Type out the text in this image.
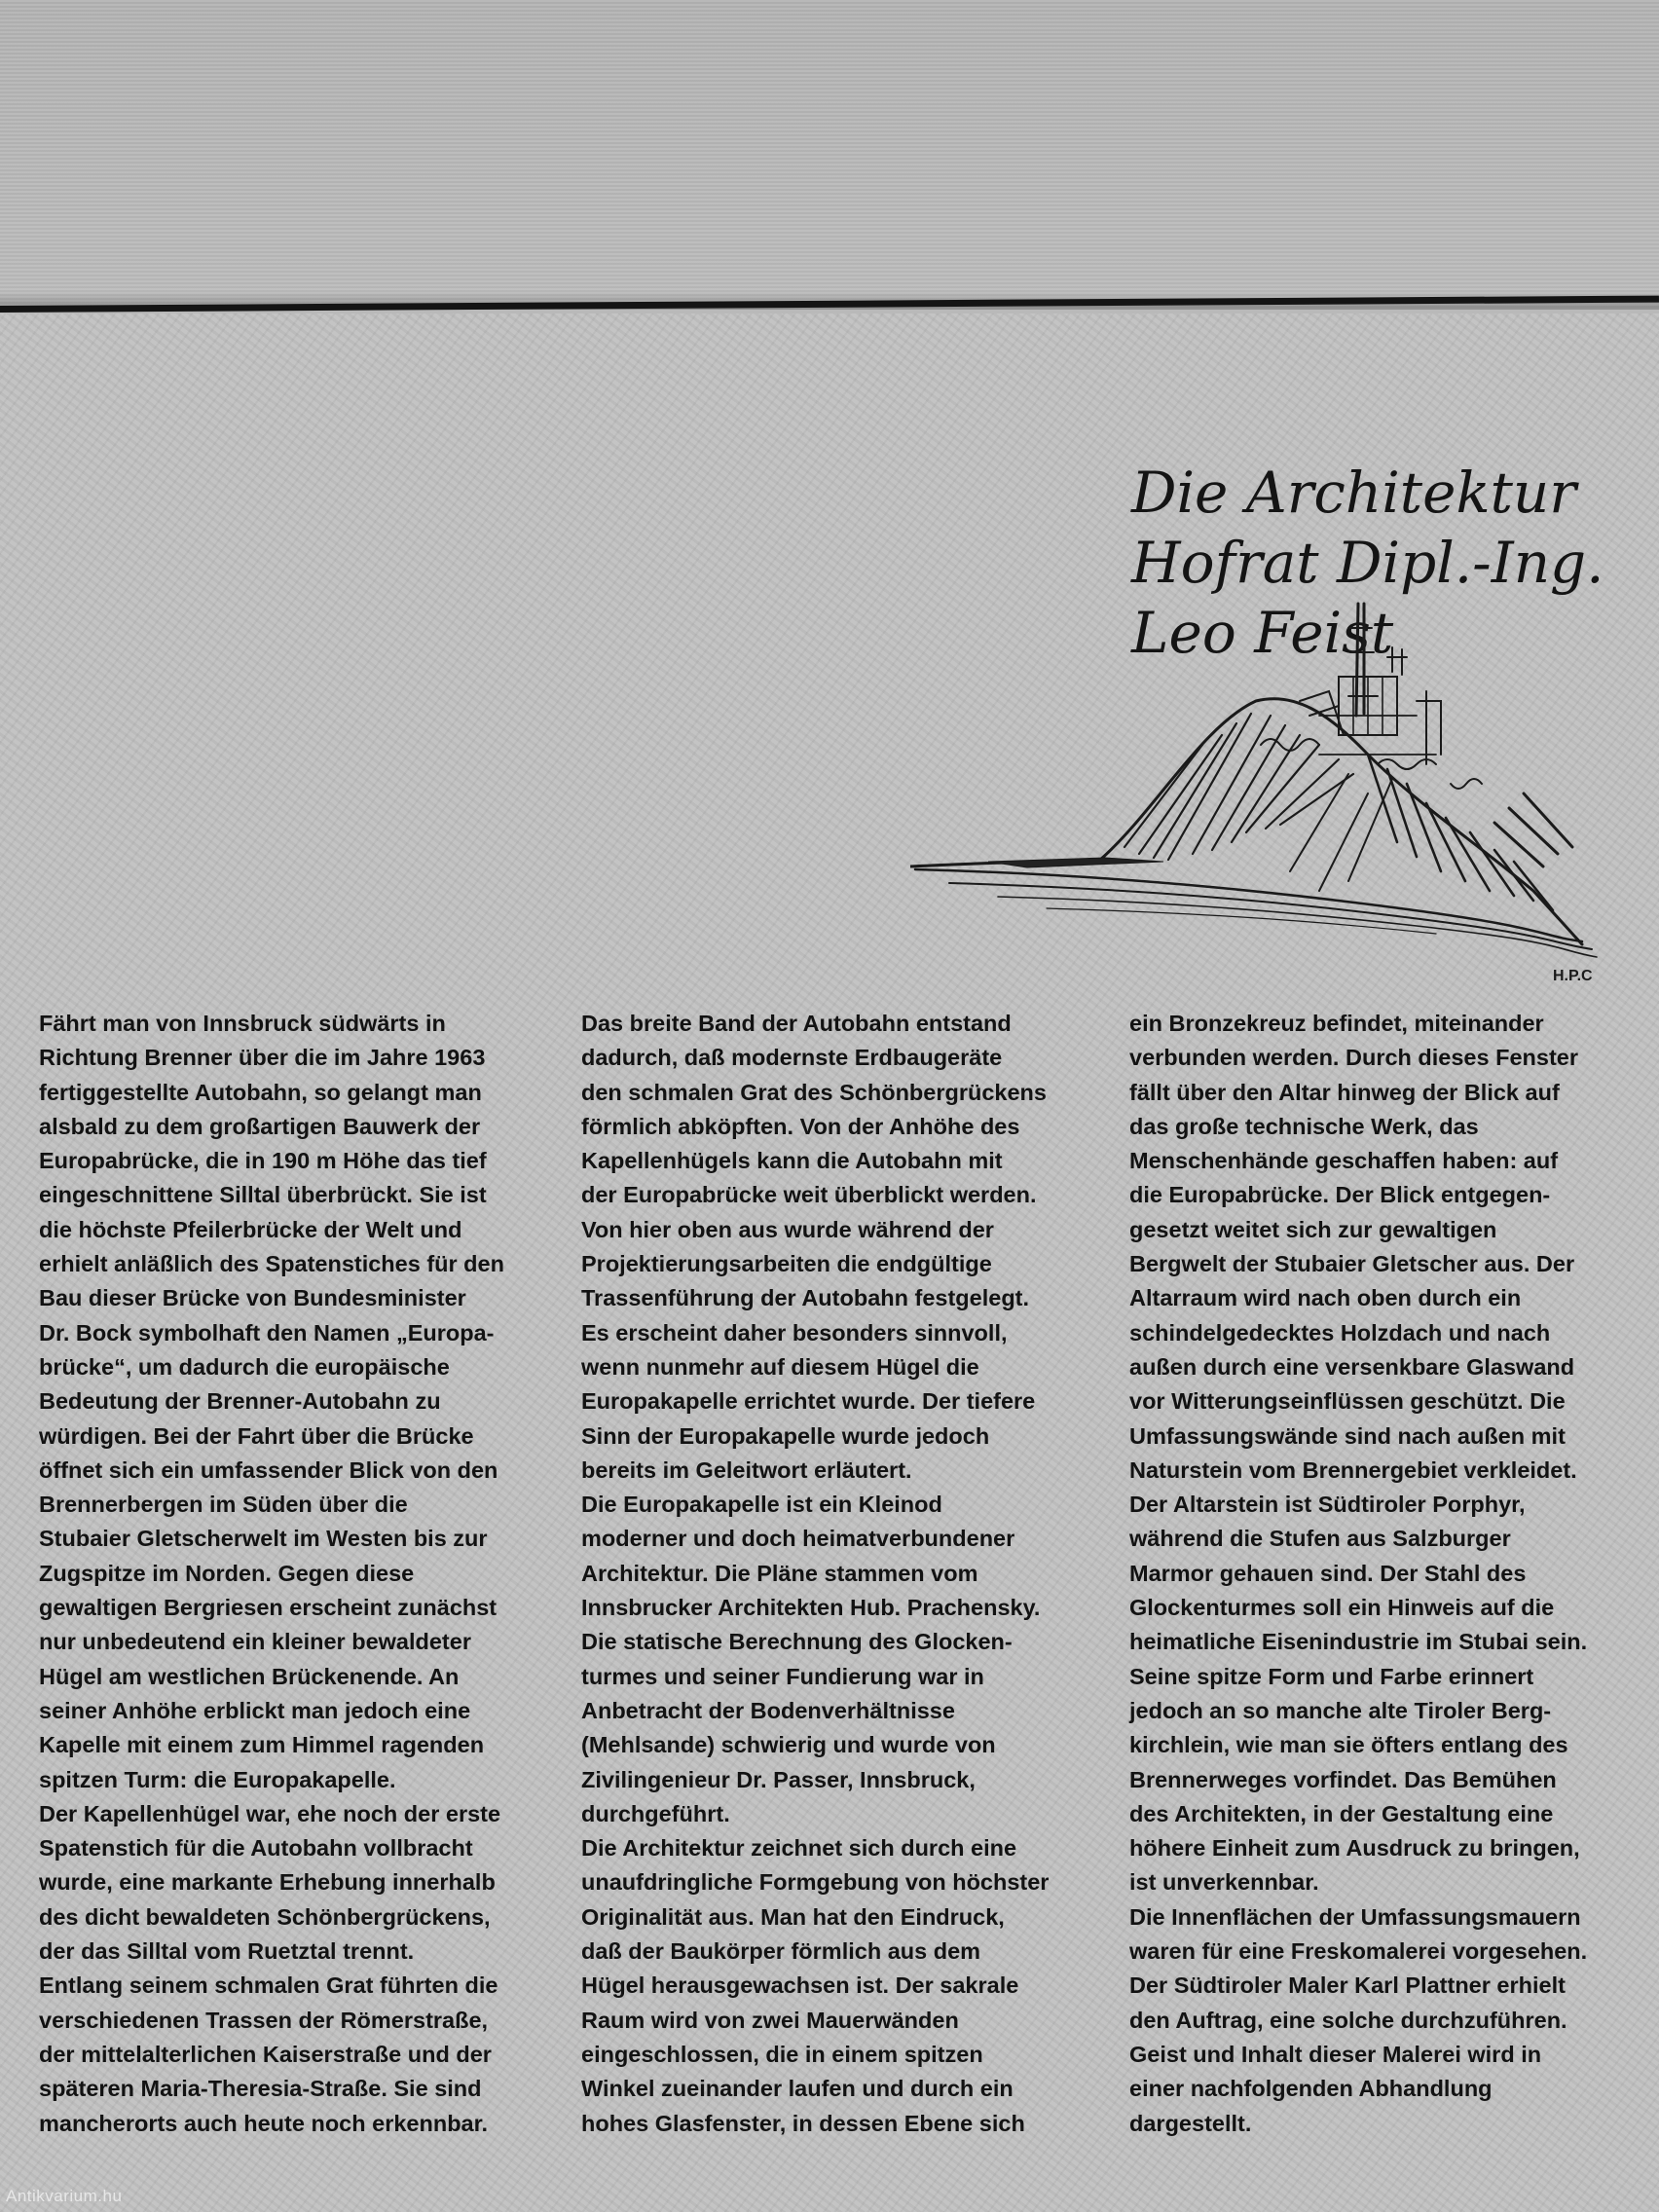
Die Architektur
Hofrat Dipl.-Ing.
Leo Feist
H.P.C

Fährt man von Innsbruck südwärts in

Richtung Brenner über die im Jahre 1963

fertiggestellte Autobahn, so gelangt man

alsbald zu dem großartigen Bauwerk der

Europabrücke, die in 190 m Höhe das tief

eingeschnittene Silltal überbrückt. Sie ist

die höchste Pfeilerbrücke der Welt und

erhielt anläßlich des Spatenstiches für den

Bau dieser Brücke von Bundesminister

Dr. Bock symbolhaft den Namen „Europa-

brücke“, um dadurch die europäische

Bedeutung der Brenner-Autobahn zu

würdigen. Bei der Fahrt über die Brücke

öffnet sich ein umfassender Blick von den

Brennerbergen im Süden über die

Stubaier Gletscherwelt im Westen bis zur

Zugspitze im Norden. Gegen diese

gewaltigen Bergriesen erscheint zunächst

nur unbedeutend ein kleiner bewaldeter

Hügel am westlichen Brückenende. An

seiner Anhöhe erblickt man jedoch eine

Kapelle mit einem zum Himmel ragenden

spitzen Turm: die Europakapelle.

Der Kapellenhügel war, ehe noch der erste

Spatenstich für die Autobahn vollbracht

wurde, eine markante Erhebung innerhalb

des dicht bewaldeten Schönbergrückens,

der das Silltal vom Ruetztal trennt.

Entlang seinem schmalen Grat führten die

verschiedenen Trassen der Römerstraße,

der mittelalterlichen Kaiserstraße und der

späteren Maria-Theresia-Straße. Sie sind

mancherorts auch heute noch erkennbar.

Das breite Band der Autobahn entstand

dadurch, daß modernste Erdbaugeräte

den schmalen Grat des Schönbergrückens

förmlich abköpften. Von der Anhöhe des

Kapellenhügels kann die Autobahn mit

der Europabrücke weit überblickt werden.

Von hier oben aus wurde während der

Projektierungsarbeiten die endgültige

Trassenführung der Autobahn festgelegt.

Es erscheint daher besonders sinnvoll,

wenn nunmehr auf diesem Hügel die

Europakapelle errichtet wurde. Der tiefere

Sinn der Europakapelle wurde jedoch

bereits im Geleitwort erläutert.

Die Europakapelle ist ein Kleinod

moderner und doch heimatverbundener

Architektur. Die Pläne stammen vom

Innsbrucker Architekten Hub. Prachensky.

Die statische Berechnung des Glocken-

turmes und seiner Fundierung war in

Anbetracht der Bodenverhältnisse

(Mehlsande) schwierig und wurde von

Zivilingenieur Dr. Passer, Innsbruck,

durchgeführt.

Die Architektur zeichnet sich durch eine

unaufdringliche Formgebung von höchster

Originalität aus. Man hat den Eindruck,

daß der Baukörper förmlich aus dem

Hügel herausgewachsen ist. Der sakrale

Raum wird von zwei Mauerwänden

eingeschlossen, die in einem spitzen

Winkel zueinander laufen und durch ein

hohes Glasfenster, in dessen Ebene sich

ein Bronzekreuz befindet, miteinander

verbunden werden. Durch dieses Fenster

fällt über den Altar hinweg der Blick auf

das große technische Werk, das

Menschenhände geschaffen haben: auf

die Europabrücke. Der Blick entgegen-

gesetzt weitet sich zur gewaltigen

Bergwelt der Stubaier Gletscher aus. Der

Altarraum wird nach oben durch ein

schindelgedecktes Holzdach und nach

außen durch eine versenkbare Glaswand

vor Witterungseinflüssen geschützt. Die

Umfassungswände sind nach außen mit

Naturstein vom Brennergebiet verkleidet.

Der Altarstein ist Südtiroler Porphyr,

während die Stufen aus Salzburger

Marmor gehauen sind. Der Stahl des

Glockenturmes soll ein Hinweis auf die

heimatliche Eisenindustrie im Stubai sein.

Seine spitze Form und Farbe erinnert

jedoch an so manche alte Tiroler Berg-

kirchlein, wie man sie öfters entlang des

Brennerweges vorfindet. Das Bemühen

des Architekten, in der Gestaltung eine

höhere Einheit zum Ausdruck zu bringen,

ist unverkennbar.

Die Innenflächen der Umfassungsmauern

waren für eine Freskomalerei vorgesehen.

Der Südtiroler Maler Karl Plattner erhielt

den Auftrag, eine solche durchzuführen.

Geist und Inhalt dieser Malerei wird in

einer nachfolgenden Abhandlung

dargestellt.

Antikvarium.hu
